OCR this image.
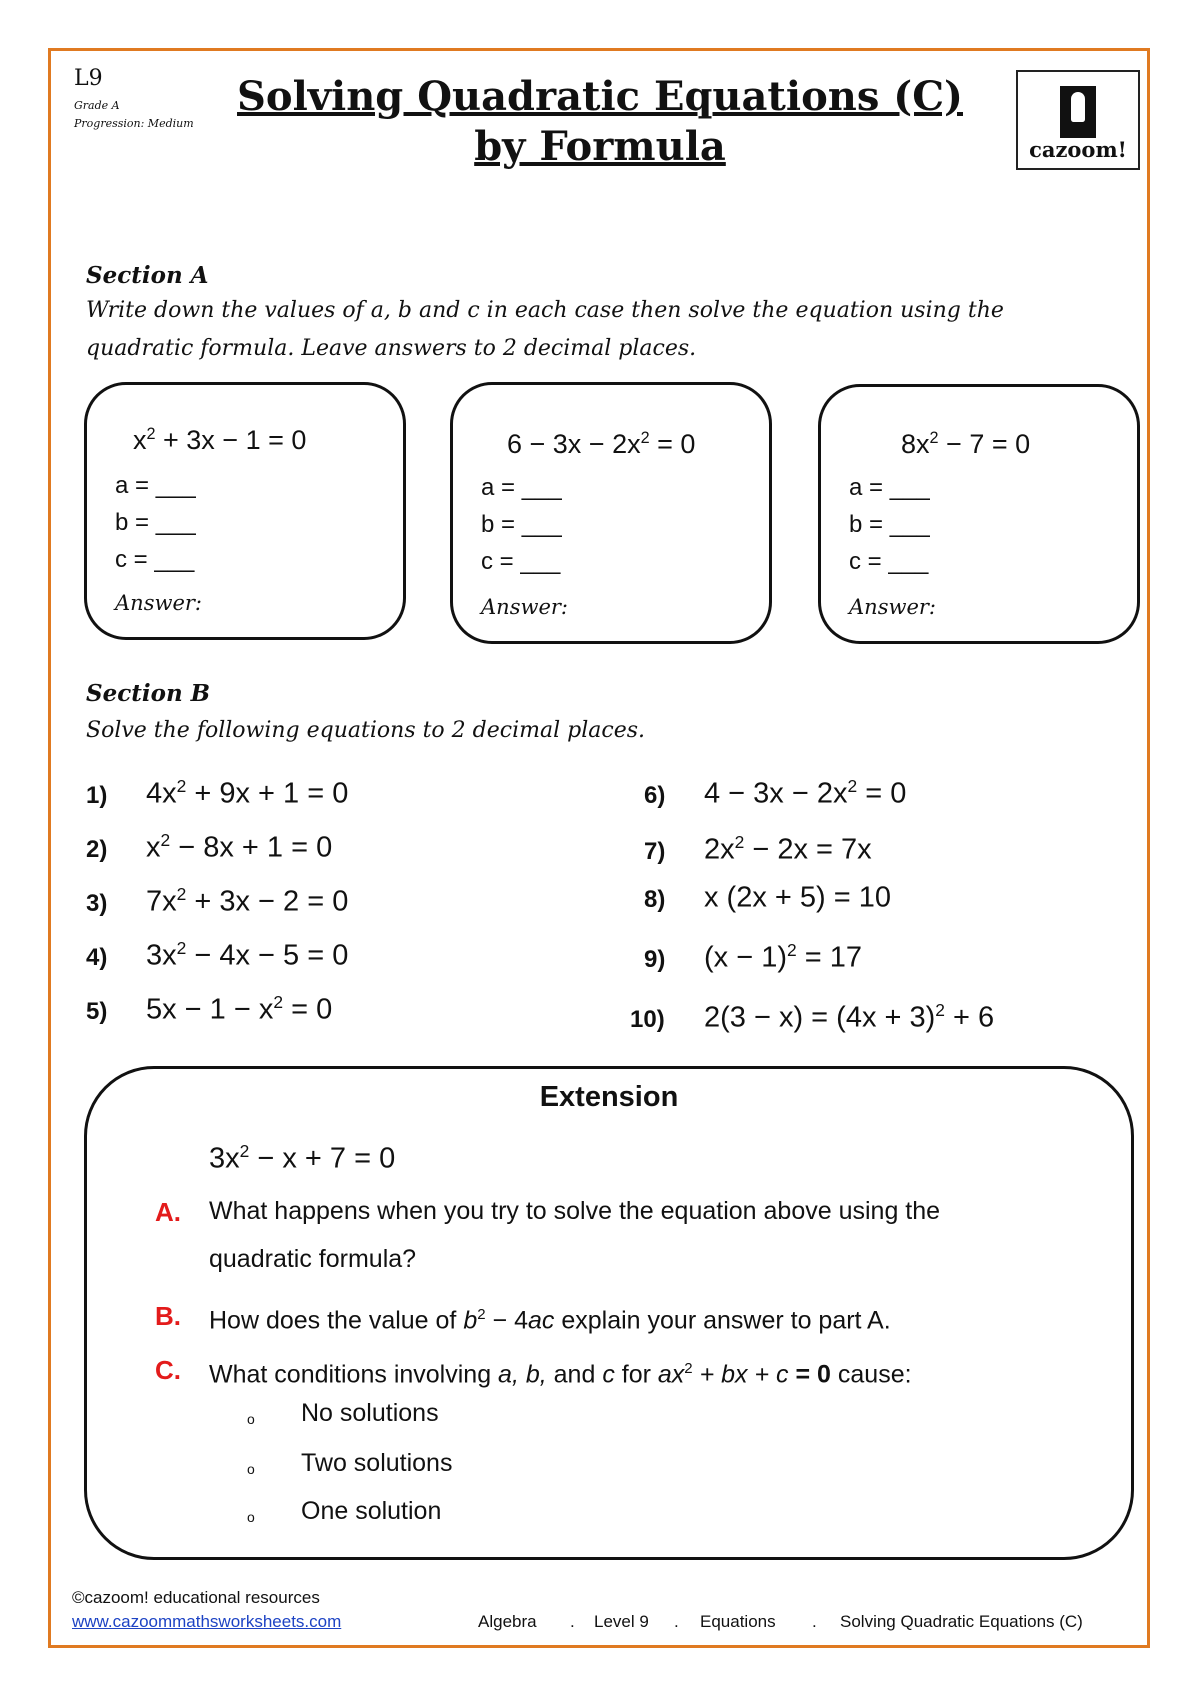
L9
Grade A
Progression: Medium
Solving Quadratic Equations (C)
by Formula	cazoom!
Section A
Write down the values of a, b and c in each case then solve the equation using the
quadratic formula. Leave answers to 2 decimal places.
$x^2 + 3x - 1 = 0$
a = ___
b = ___
c = ___
Answer:
$6 - 3x - 2x^2 = 0$
a = ___
b = ___
c = ___
Answer:
$8x^2 - 7 = 0$
a = ___
b = ___
c = ___
Answer:
Section B
Solve the following equations to 2 decimal places.
1) $4x^2 + 9x + 1 = 0$
2) $x^2 - 8x + 1 = 0$
3) $7x^2 + 3x - 2 = 0$
4) $3x^2 - 4x - 5 = 0$
5) $5x - 1 - x^2 = 0$
6) $4 - 3x - 2x^2 = 0$
7) $2x^2 - 2x = 7x$
8) x (2x + 5) = 10
9) $(x - 1)^2 = 17$
10) $2(3 - x) = (4x + 3)^2 + 6$
Extension
$3x^2 - x + 7 = 0$
A. What happens when you try to solve the equation above using the
quadratic formula?
B. How does the value of $b^2 - 4ac$ explain your answer to part A.
C. What conditions involving a, b, and c for $ax^2$ + bx + c = 0 cause:
o No solutions
o Two solutions
o One solution
©cazoom! educational resources
www.cazoommathsworksheets.com	Algebra . Level 9 . Equations . Solving Quadratic Equations (C)
